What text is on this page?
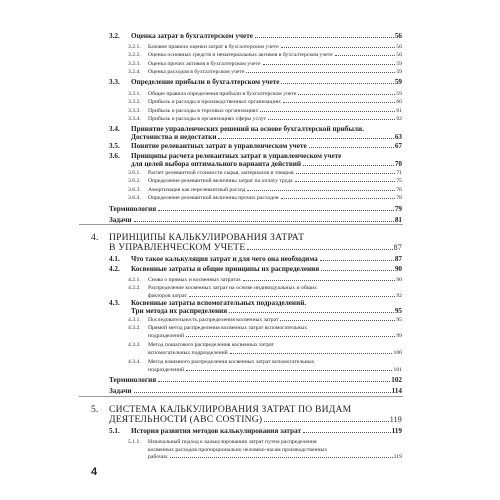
3.2. Оценка затрат в бухгалтерском учете	56
3.2.1. Базовое правило оценки затрат в бухгалтерском учете	56
3.2.2. Оценка основных средств и нематериальных активов в бухгалтерском учете	56
3.2.3. Оценка прочих активов в бухгалтерском учете	59
3.2.4. Оценка расходов в бухгалтерском учете	59
3.3. Определение прибыли в бухгалтерском учете	59
3.3.1. Общие правила определения прибыли в бухгалтерском учете	59
3.3.2. Прибыль и расходы в производственных организациях	60
3.3.3. Прибыль и расходы в торговых организациях	61
3.3.4. Прибыль и расходы в организациях сферы услуг	62
3.4. Принятие управленческих решений на основе бухгалтерской прибыли.
Достоинства и недостатки	63
3.5. Понятие релевантных затрат в управленческом учете	67
3.6. Принципы расчета релевантных затрат в управленческом учете
для целей выбора оптимального варианта действий	70
3.6.1. Расчет релевантной стоимости сырья, материалов и товаров	71
3.6.2. Определение релевантной величины затрат на оплату труда	75
3.6.3. Амортизация как нерелевантный расход	76
3.6.4. Определение релевантной величины прочих расходов	78
Терминология	79
Задачи	81
4. ПРИНЦИПЫ КАЛЬКУЛИРОВАНИЯ ЗАТРАТ
В УПРАВЛЕНЧЕСКОМ УЧЕТЕ	87
4.1. Что такое калькуляция затрат и для чего она необходима	87
4.2. Косвенные затраты и общие принципы их распределения	90
4.2.1. Снова о прямых и косвенных затратах	90
4.2.2. Распределение косвенных затрат на основе индивидуальных и общих
факторов затрат	92
4.3. Косвенные затраты вспомогательных подразделений.
Три метода их распределения	95
4.3.1. Последовательность распределения косвенных затрат	95
4.3.2. Прямой метод распределения косвенных затрат вспомогательных
подразделений	99
4.3.3. Метод пошагового распределения косвенных затрат
вспомогательных подразделений	100
4.3.4. Метод взаимного распределения косвенных затрат вспомогательных
подразделений	101
Терминология	102
Задачи	114
5. СИСТЕМА КАЛЬКУЛИРОВАНИЯ ЗАТРАТ ПО ВИДАМ
ДЕЯТЕЛЬНОСТИ (ABC COSTING)	119
5.1. История развития методов калькулирования затрат	119
5.1.1. Изначальный подход к калькулированию затрат путем распределения
косвенных расходов пропорционально человеко-часам производственных
рабочих	119
4
